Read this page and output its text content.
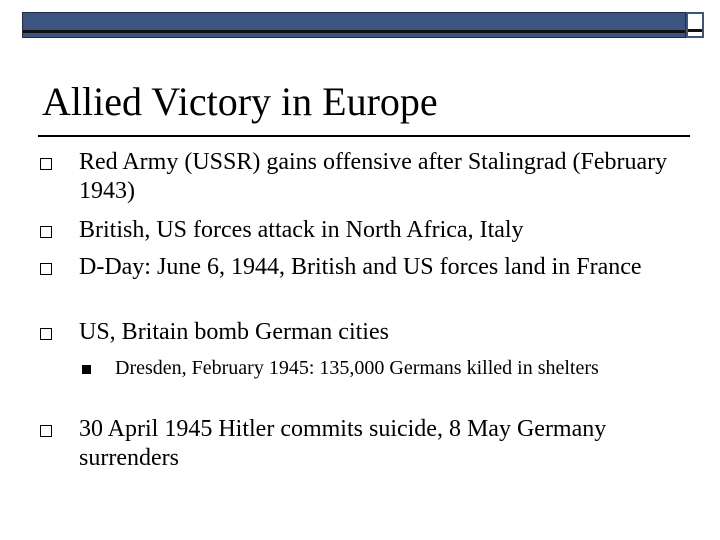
Allied Victory in Europe
Red Army (USSR) gains offensive after Stalingrad (February 1943)
British, US forces attack in North Africa, Italy
D-Day: June 6, 1944, British and US forces land in France
US, Britain bomb German cities
Dresden, February 1945: 135,000 Germans killed in shelters
30 April 1945 Hitler commits suicide, 8 May Germany surrenders
